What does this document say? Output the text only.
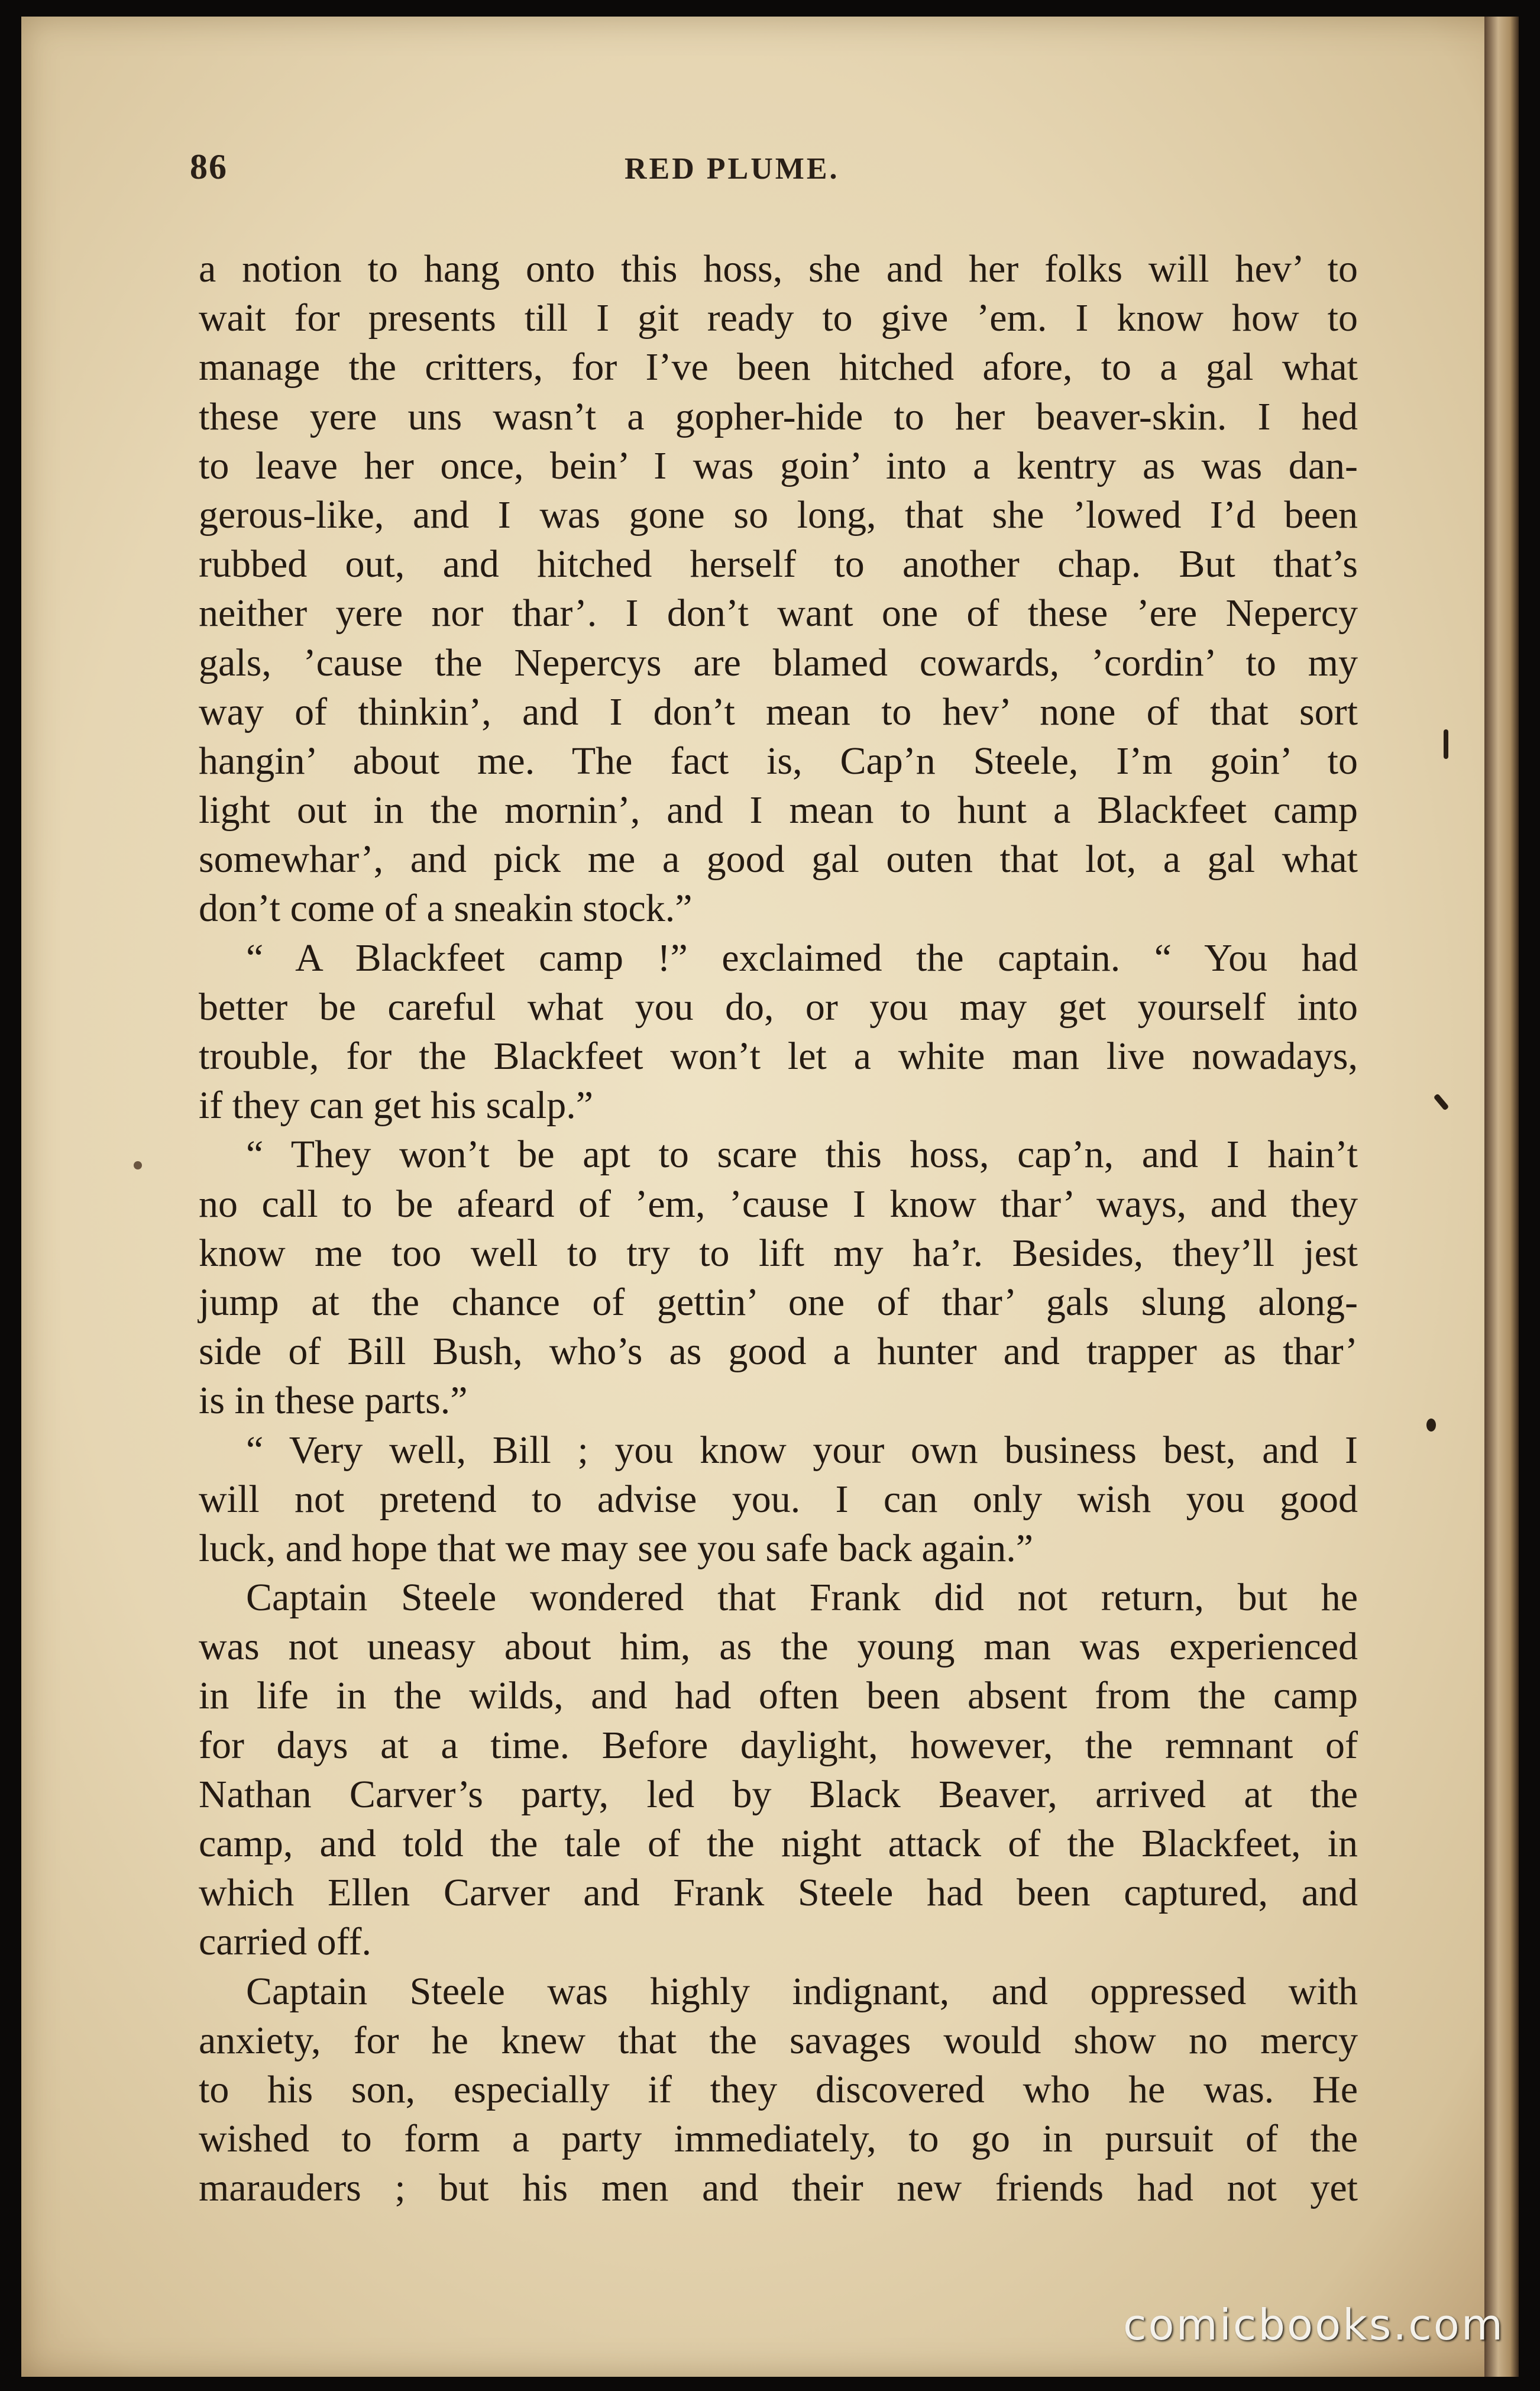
86	RED PLUME.
a notion to hang onto this hoss, she and her folks will hev’ to
wait for presents till I git ready to give ’em. I know how to
manage the critters, for I’ve been hitched afore, to a gal what
these yere uns wasn’t a gopher-hide to her beaver-skin. I hed
to leave her once, bein’ I was goin’ into a kentry as was dan-
gerous-like, and I was gone so long, that she ’lowed I’d been
rubbed out, and hitched herself to another chap. But that’s
neither yere nor thar’. I don’t want one of these ’ere Nepercy
gals, ’cause the Nepercys are blamed cowards, ’cordin’ to my
way of thinkin’, and I don’t mean to hev’ none of that sort
hangin’ about me. The fact is, Cap’n Steele, I’m goin’ to
light out in the mornin’, and I mean to hunt a Blackfeet camp
somewhar’, and pick me a good gal outen that lot, a gal what
don’t come of a sneakin stock.”
“ A Blackfeet camp !” exclaimed the captain. “ You had
better be careful what you do, or you may get yourself into
trouble, for the Blackfeet won’t let a white man live nowadays,
if they can get his scalp.”
“ They won’t be apt to scare this hoss, cap’n, and I hain’t
no call to be afeard of ’em, ’cause I know thar’ ways, and they
know me too well to try to lift my ha’r. Besides, they’ll jest
jump at the chance of gettin’ one of thar’ gals slung along-
side of Bill Bush, who’s as good a hunter and trapper as thar’
is in these parts.”
“ Very well, Bill ; you know your own business best, and I
will not pretend to advise you. I can only wish you good
luck, and hope that we may see you safe back again.”
Captain Steele wondered that Frank did not return, but he
was not uneasy about him, as the young man was experienced
in life in the wilds, and had often been absent from the camp
for days at a time. Before daylight, however, the remnant of
Nathan Carver’s party, led by Black Beaver, arrived at the
camp, and told the tale of the night attack of the Blackfeet, in
which Ellen Carver and Frank Steele had been captured, and
carried off.
Captain Steele was highly indignant, and oppressed with
anxiety, for he knew that the savages would show no mercy
to his son, especially if they discovered who he was. He
wished to form a party immediately, to go in pursuit of the
marauders ; but his men and their new friends had not yet
comicbooks.com
